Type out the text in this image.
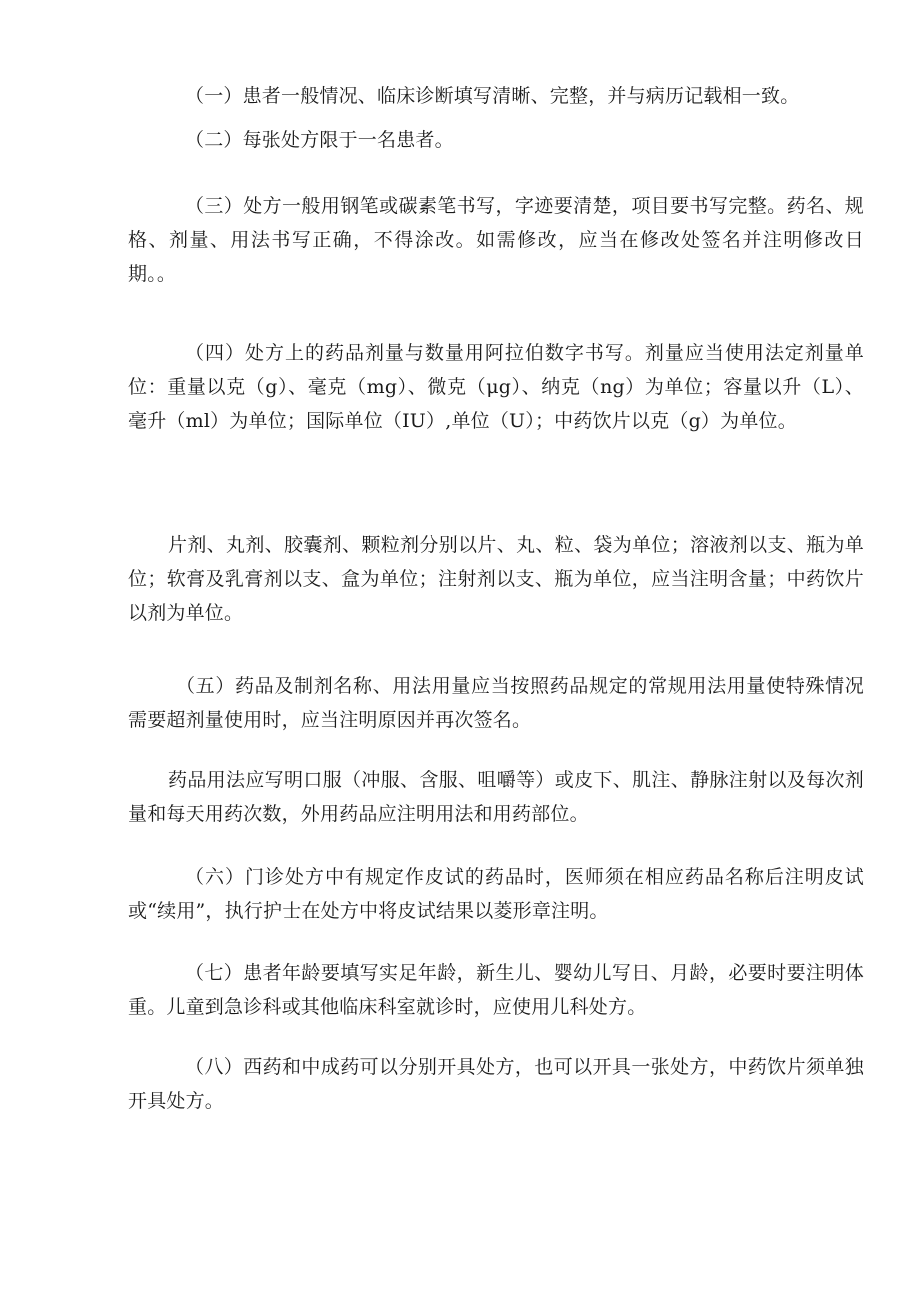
（一）患者一般情况、临床诊断填写清晰、完整，并与病历记载相一致。

（二）每张处方限于一名患者。

（三）处方一般用钢笔或碳素笔书写，字迹要清楚，项目要书写完整。药名、规格、剂量、用法书写正确，不得涂改。如需修改，应当在修改处签名并注明修改日期。。

（四）处方上的药品剂量与数量用阿拉伯数字书写。剂量应当使用法定剂量单位：重量以克（g）、毫克（mg）、微克（μg）、纳克（ng）为单位；容量以升（L）、毫升（ml）为单位；国际单位（IU）,单位（U）；中药饮片以克（g）为单位。

片剂、丸剂、胶囊剂、颗粒剂分别以片、丸、粒、袋为单位；溶液剂以支、瓶为单位；软膏及乳膏剂以支、盒为单位；注射剂以支、瓶为单位，应当注明含量；中药饮片以剂为单位。

（五）药品及制剂名称、用法用量应当按照药品规定的常规用法用量使特殊情况需要超剂量使用时，应当注明原因并再次签名。

药品用法应写明口服（冲服、含服、咀嚼等）或皮下、肌注、静脉注射以及每次剂量和每天用药次数，外用药品应注明用法和用药部位。

（六）门诊处方中有规定作皮试的药品时，医师须在相应药品名称后注明皮试或“续用”，执行护士在处方中将皮试结果以菱形章注明。

（七）患者年龄要填写实足年龄，新生儿、婴幼儿写日、月龄，必要时要注明体重。儿童到急诊科或其他临床科室就诊时，应使用儿科处方。

（八）西药和中成药可以分别开具处方，也可以开具一张处方，中药饮片须单独开具处方。
